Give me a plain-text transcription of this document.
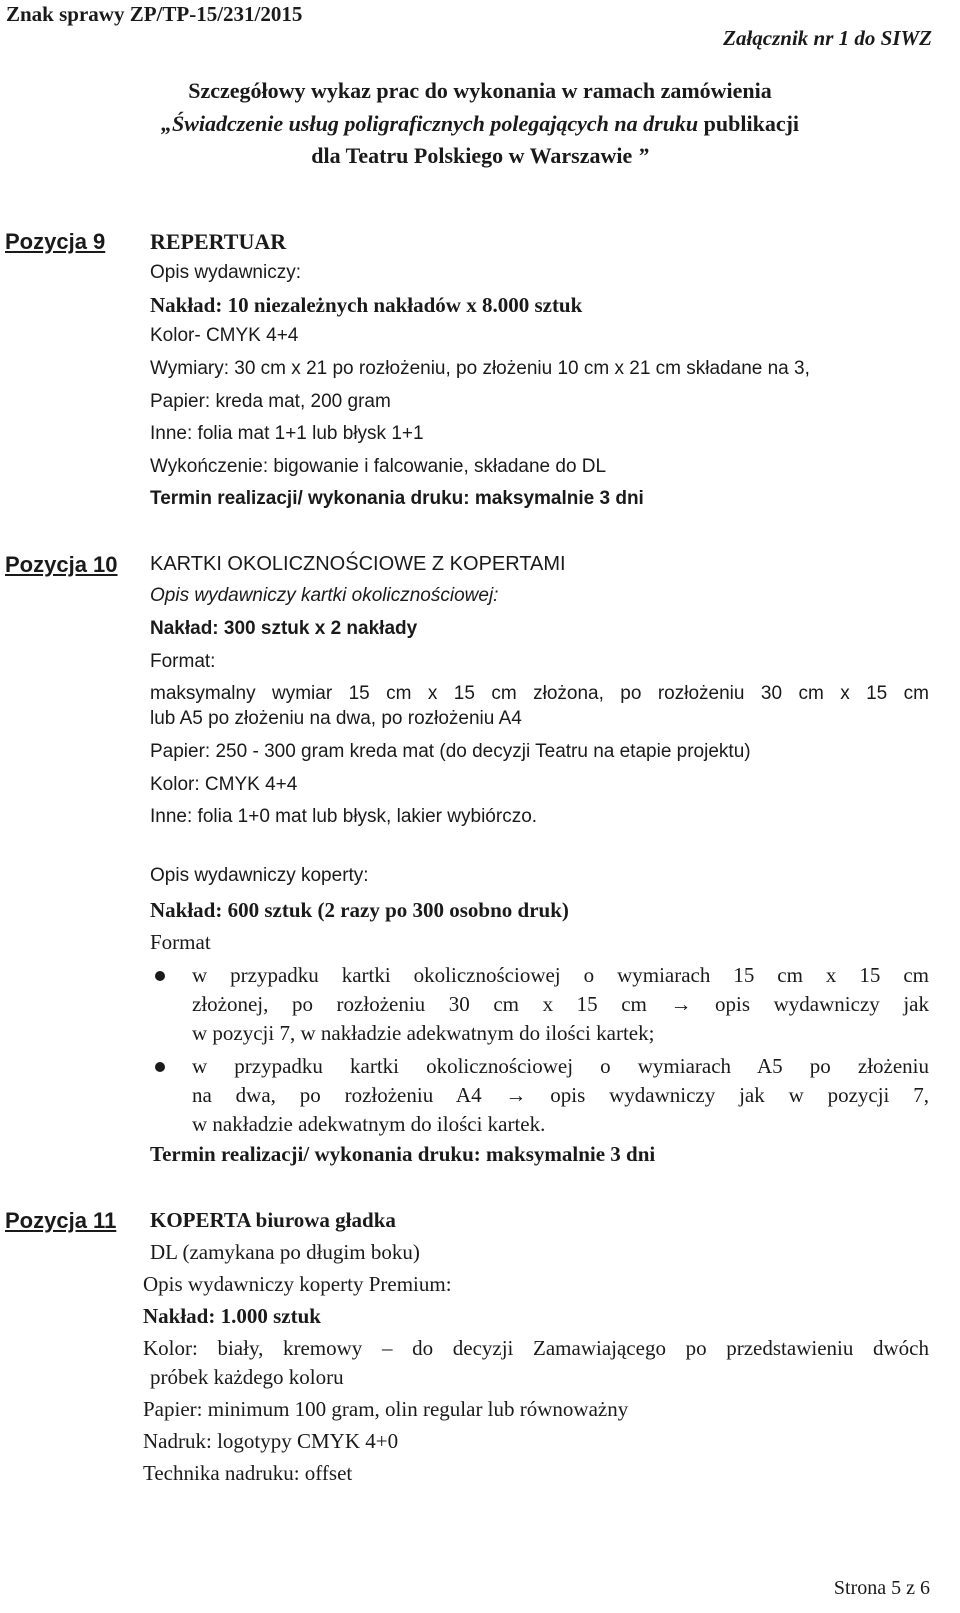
Znak sprawy ZP/TP-15/231/2015
Załącznik nr 1 do SIWZ
Szczegółowy wykaz prac do wykonania w ramach zamówienia
„Świadczenie usług poligraficznych polegających na druku publikacji
dla Teatru Polskiego w Warszawie ”
Pozycja 9 REPERTUAR
Opis wydawniczy:
Nakład: 10 niezależnych nakładów x 8.000 sztuk
Kolor- CMYK 4+4
Wymiary: 30 cm x 21 po rozłożeniu, po złożeniu 10 cm x 21 cm składane na 3,
Papier: kreda mat, 200 gram
Inne: folia mat 1+1 lub błysk 1+1
Wykończenie: bigowanie i falcowanie, składane do DL
Termin realizacji/ wykonania druku: maksymalnie 3 dni
Pozycja 10 KARTKI OKOLICZNOŚCIOWE Z KOPERTAMI
Opis wydawniczy kartki okolicznościowej:
Nakład: 300 sztuk x 2 nakłady
Format:
maksymalny wymiar 15 cm x 15 cm złożona, po rozłożeniu 30 cm x 15 cm
lub A5 po złożeniu na dwa, po rozłożeniu A4
Papier: 250 - 300 gram kreda mat (do decyzji Teatru na etapie projektu)
Kolor: CMYK 4+4
Inne: folia 1+0 mat lub błysk, lakier wybiórczo.
Opis wydawniczy koperty:
Nakład: 600 sztuk (2 razy po 300 osobno druk)
Format
w przypadku kartki okolicznościowej o wymiarach 15 cm x 15 cm
złożonej, po rozłożeniu 30 cm x 15 cm → opis wydawniczy jak
w pozycji 7, w nakładzie adekwatnym do ilości kartek;
w przypadku kartki okolicznościowej o wymiarach A5 po złożeniu
na dwa, po rozłożeniu A4 → opis wydawniczy jak w pozycji 7,
w nakładzie adekwatnym do ilości kartek.
Termin realizacji/ wykonania druku: maksymalnie 3 dni
Pozycja 11 KOPERTA biurowa gładka
DL (zamykana po długim boku)
Opis wydawniczy koperty Premium:
Nakład: 1.000 sztuk
Kolor: biały, kremowy – do decyzji Zamawiającego po przedstawieniu dwóch
próbek każdego koloru
Papier: minimum 100 gram, olin regular lub równoważny
Nadruk: logotypy CMYK 4+0
Technika nadruku: offset
Strona 5 z 6
